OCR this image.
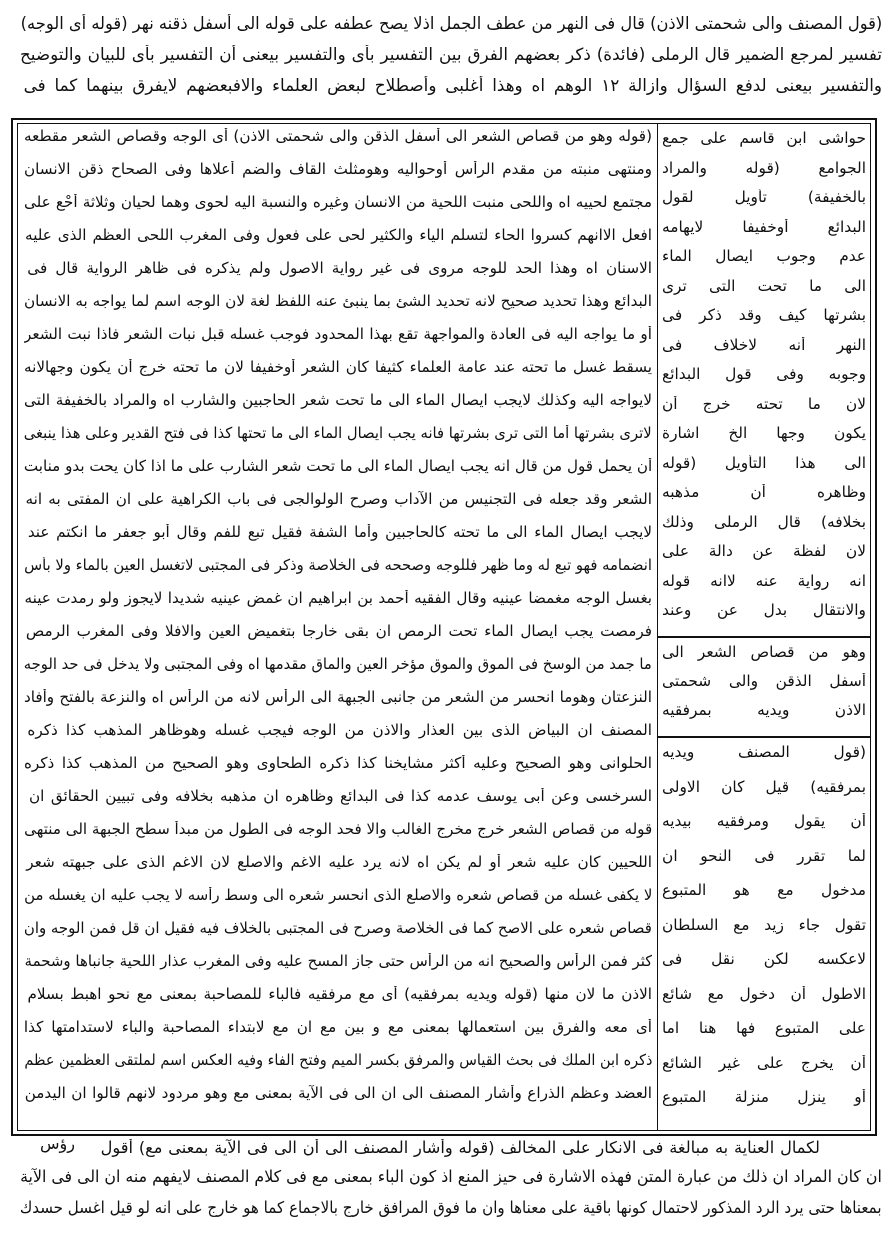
(قول المصنف والى شحمتى الاذن) قال فى النهر من عطف الجمل اذلا يصح عطفه على قوله الى أسفل ذقنه نهر (قوله أى الوجه)
تفسير لمرجع الضمير قال الرملى (فائدة) ذكر بعضهم الفرق بين التفسير بأى والتفسير بيعنى أن التفسير بأى للبيان والتوضيح
والتفسير بيعنى لدفع السؤال وازالة ١٢ الوهم اه وهذا أغلبى وأصطلاح لبعض العلماء والافبعضهم لايفرق بينهما كما فى
(قوله وهو من قصاص الشعر الى أسفل الذقن والى شحمتى الاذن) أى الوجه وقصاص الشعر مقطعه
ومنتهى منبته من مقدم الرأس أوحواليه وهومثلث القاف والضم أعلاها وفى الصحاح ذقن الانسان
مجتمع لحييه اه واللحى منبت اللحية من الانسان وغيره والنسبة اليه لحوى وهما لحيان وثلاثة أحْعِ على
افعل الاانهم كسروا الحاء لتسلم الياء والكثير لحى على فعول وفى المغرب اللحى العظم الذى عليه
الاسنان اه وهذا الحد للوجه مروى فى غير رواية الاصول ولم يذكره فى ظاهر الرواية قال فى
البدائع وهذا تحديد صحيح لانه تحديد الشئ بما ينبئ عنه اللفظ لغة لان الوجه اسم لما يواجه به الانسان
أو ما يواجه اليه فى العادة والمواجهة تقع بهذا المحدود فوجب غسله قبل نبات الشعر فاذا نبت الشعر
يسقط غسل ما تحته عند عامة العلماء كثيفا كان الشعر أوخفيفا لان ما تحته خرج أن يكون وجهالانه
لايواجه اليه وكذلك لايجب ايصال الماء الى ما تحت شعر الحاجبين والشارب اه والمراد بالخفيفة التى
لاترى بشرتها أما التى ترى بشرتها فانه يجب ايصال الماء الى ما تحتها كذا فى فتح القدير وعلى هذا ينبغى
أن يحمل قول من قال انه يجب ايصال الماء الى ما تحت شعر الشارب على ما اذا كان يحت بدو منابت
الشعر وقد جعله فى التجنيس من الآداب وصرح الولوالجى فى باب الكراهية على ان المفتى به انه
لايجب ايصال الماء الى ما تحته كالحاجبين وأما الشفة فقيل تبع للفم وقال أبو جعفر ما انكتم عند
انضمامه فهو تبع له وما ظهر فللوجه وصححه فى الخلاصة وذكر فى المجتبى لاتغسل العين بالماء ولا بأس
بغسل الوجه مغمضا عينيه وقال الفقيه أحمد بن ابراهيم ان غمض عينيه شديدا لايجوز ولو رمدت عينه
فرمصت يجب ايصال الماء تحت الرمص ان بقى خارجا بتغميض العين والافلا وفى المغرب الرمص
ما جمد من الوسخ فى الموق والموق مؤخر العين والماق مقدمها اه وفى المجتبى ولا يدخل فى حد الوجه
النزعتان وهوما انحسر من الشعر من جانبى الجبهة الى الرأس لانه من الرأس اه والنزعة بالفتح وأفاد
المصنف ان البياض الذى بين العذار والاذن من الوجه فيجب غسله وهوظاهر المذهب كذا ذكره
الحلوانى وهو الصحيح وعليه أكثر مشايخنا كذا ذكره الطحاوى وهو الصحيح من المذهب كذا ذكره
السرخسى وعن أبى يوسف عدمه كذا فى البدائع وظاهره ان مذهبه بخلافه وفى تبيين الحقائق ان
قوله من قصاص الشعر خرج مخرج الغالب والا فحد الوجه فى الطول من مبدأ سطح الجبهة الى منتهى
اللحيين كان عليه شعر أو لم يكن اه لانه يرد عليه الاغم والاصلع لان الاغم الذى على جبهته شعر
لا يكفى غسله من قصاص شعره والاصلع الذى انحسر شعره الى وسط رأسه لا يجب عليه ان يغسله من
قصاص شعره على الاصح كما فى الخلاصة وصرح فى المجتبى بالخلاف فيه فقيل ان قل فمن الوجه وان
كثر فمن الرأس والصحيح انه من الرأس حتى جاز المسح عليه وفى المغرب عذار اللحية جانباها وشحمة
الاذن ما لان منها (قوله ويديه بمرفقيه) أى مع مرفقيه فالباء للمصاحبة بمعنى مع نحو اهبط بسلام
أى معه والفرق بين استعمالها بمعنى مع و بين مع ان مع لابتداء المصاحبة والباء لاستدامتها كذا
ذكره ابن الملك فى بحث القياس والمرفق بكسر الميم وفتح الفاء وفيه العكس اسم لملتقى العظمين عظم
العضد وعظم الذراع وأشار المصنف الى ان الى فى الآية بمعنى مع وهو مردود لانهم قالوا ان اليدمن
حواشى ابن قاسم على جمع
الجوامع (قوله والمراد
بالخفيفة) تأويل لقول
البدائع أوخفيفا لايهامه
عدم وجوب ايصال الماء
الى ما تحت التى ترى
بشرتها كيف وقد ذكر فى
النهر أنه لاخلاف فى
وجوبه وفى قول البدائع
لان ما تحته خرج أن
يكون وجها الخ اشارة
الى هذا التأويل (قوله
وظاهره أن مذهبه
بخلافه) قال الرملى وذلك
لان لفظة عن دالة على
انه رواية عنه لاانه قوله
والانتقال بدل عن وعند
وهو من قصاص الشعر الى
أسفل الذقن والى شحمتى
الاذن ويديه بمرفقيه
(قول المصنف ويديه
بمرفقيه) قيل كان الاولى
أن يقول ومرفقيه بيديه
لما تقرر فى النحو ان
مدخول مع هو المتبوع
تقول جاء زيد مع السلطان
لاعكسه لكن نقل فى
الاطول أن دخول مع شائع
على المتبوع فها هنا اما
أن يخرج على غير الشائع
أو ينزل منزلة المتبوع
لكمال العناية به مبالغة فى الانكار على المخالف (قوله وأشار المصنف الى أن الى فى الآية بمعنى مع) أقول
رؤس
ان كان المراد ان ذلك من عبارة المتن فهذه الاشارة فى حيز المنع اذ كون الباء بمعنى مع فى كلام المصنف لايفهم منه ان الى فى الآية
بمعناها حتى يرد الرد المذكور لاحتمال كونها باقية على معناها وان ما فوق المرافق خارج بالاجماع كما هو خارج على انه لو قيل اغسل حسدك
